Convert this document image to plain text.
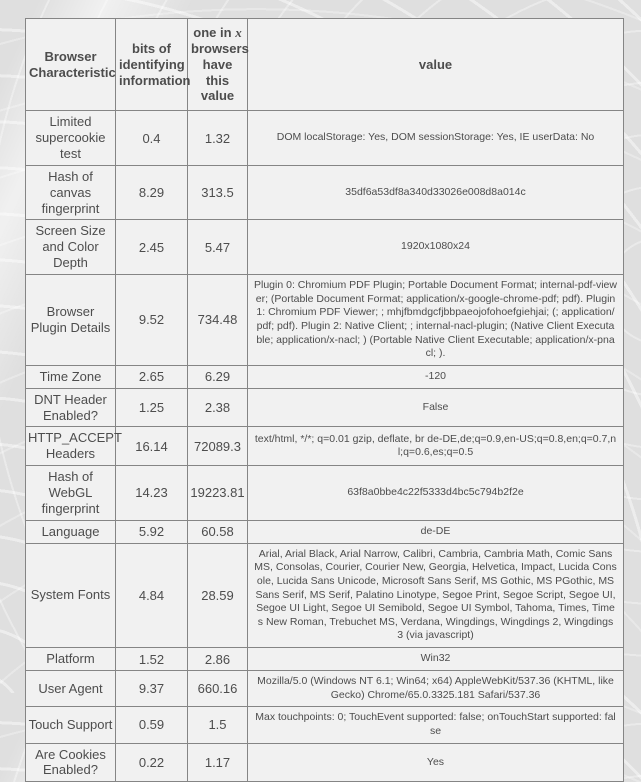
Browser Characteristic	bits of identifying information	one in x browsers have this value	value
Limited supercookie test	0.4	1.32	DOM localStorage: Yes, DOM sessionStorage: Yes, IE userData: No
Hash of canvas fingerprint	8.29	313.5	35df6a53df8a340d33026e008d8a014c
Screen Size and Color Depth	2.45	5.47	1920x1080x24
Browser Plugin Details	9.52	734.48	Plugin 0: Chromium PDF Plugin; Portable Document Format; internal-pdf-viewer; (Portable Document Format; application/x-google-chrome-pdf; pdf). Plugin 1: Chromium PDF Viewer; ; mhjfbmdgcfjbbpaeojofohoefgiehjai; (; application/pdf; pdf). Plugin 2: Native Client; ; internal-nacl-plugin; (Native Client Executable; application/x-nacl; ) (Portable Native Client Executable; application/x-pnacl; ).
Time Zone	2.65	6.29	-120
DNT Header Enabled?	1.25	2.38	False
HTTP_ACCEPT Headers	16.14	72089.3	text/html, */*; q=0.01 gzip, deflate, br de-DE,de;q=0.9,en-US;q=0.8,en;q=0.7,nl;q=0.6,es;q=0.5
Hash of WebGL fingerprint	14.23	19223.81	63f8a0bbe4c22f5333d4bc5c794b2f2e
Language	5.92	60.58	de-DE
System Fonts	4.84	28.59	Arial, Arial Black, Arial Narrow, Calibri, Cambria, Cambria Math, Comic Sans MS, Consolas, Courier, Courier New, Georgia, Helvetica, Impact, Lucida Console, Lucida Sans Unicode, Microsoft Sans Serif, MS Gothic, MS PGothic, MS Sans Serif, MS Serif, Palatino Linotype, Segoe Print, Segoe Script, Segoe UI, Segoe UI Light, Segoe UI Semibold, Segoe UI Symbol, Tahoma, Times, Times New Roman, Trebuchet MS, Verdana, Wingdings, Wingdings 2, Wingdings 3 (via javascript)
Platform	1.52	2.86	Win32
User Agent	9.37	660.16	Mozilla/5.0 (Windows NT 6.1; Win64; x64) AppleWebKit/537.36 (KHTML, like Gecko) Chrome/65.0.3325.181 Safari/537.36
Touch Support	0.59	1.5	Max touchpoints: 0; TouchEvent supported: false; onTouchStart supported: false
Are Cookies Enabled?	0.22	1.17	Yes
